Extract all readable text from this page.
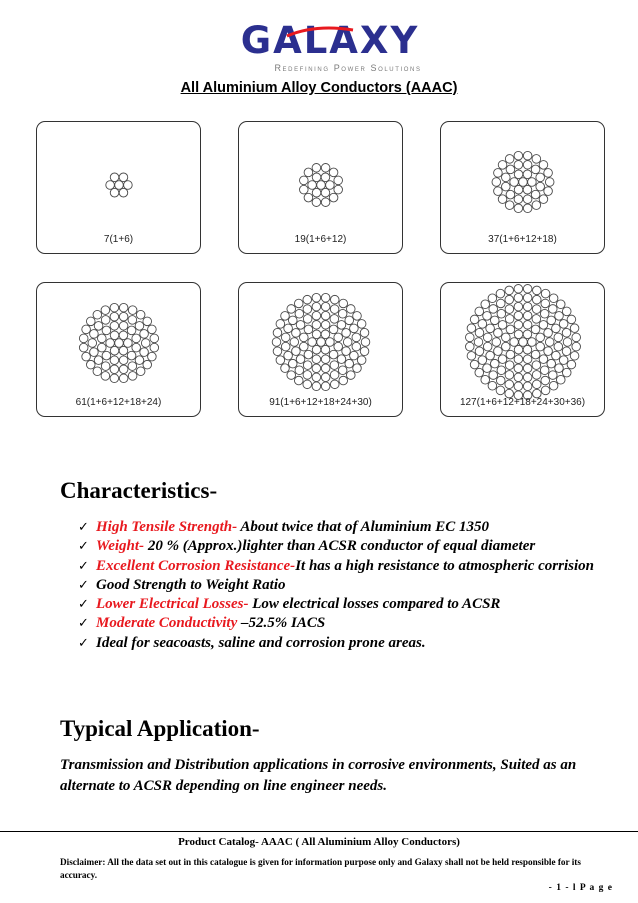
GALAXY
Redefining Power Solutions
All Aluminium Alloy Conductors (AAAC)
7(1+6)	19(1+6+12)	37(1+6+12+18)
61(1+6+12+18+24)	91(1+6+12+18+24+30)	127(1+6+12+18+24+30+36)
Characteristics-
✓ High Tensile Strength- About twice that of Aluminium EC 1350
✓ Weight- 20 % (Approx.)lighter than ACSR conductor of equal diameter
✓ Excellent Corrosion Resistance-It has a high resistance to atmospheric corrision
✓ Good Strength to Weight Ratio
✓ Lower Electrical Losses- Low electrical losses compared to ACSR
✓ Moderate Conductivity –52.5% IACS
✓ Ideal for seacoasts, saline and corrosion prone areas.
Typical Application-
Transmission and Distribution applications in corrosive environments, Suited as an alternate to ACSR depending on line engineer needs.
Product Catalog- AAAC ( All Aluminium Alloy Conductors)
Disclaimer: All the data set out in this catalogue is given for information purpose only and Galaxy shall not be held responsible for its accuracy.
- 1 - l P a g e
